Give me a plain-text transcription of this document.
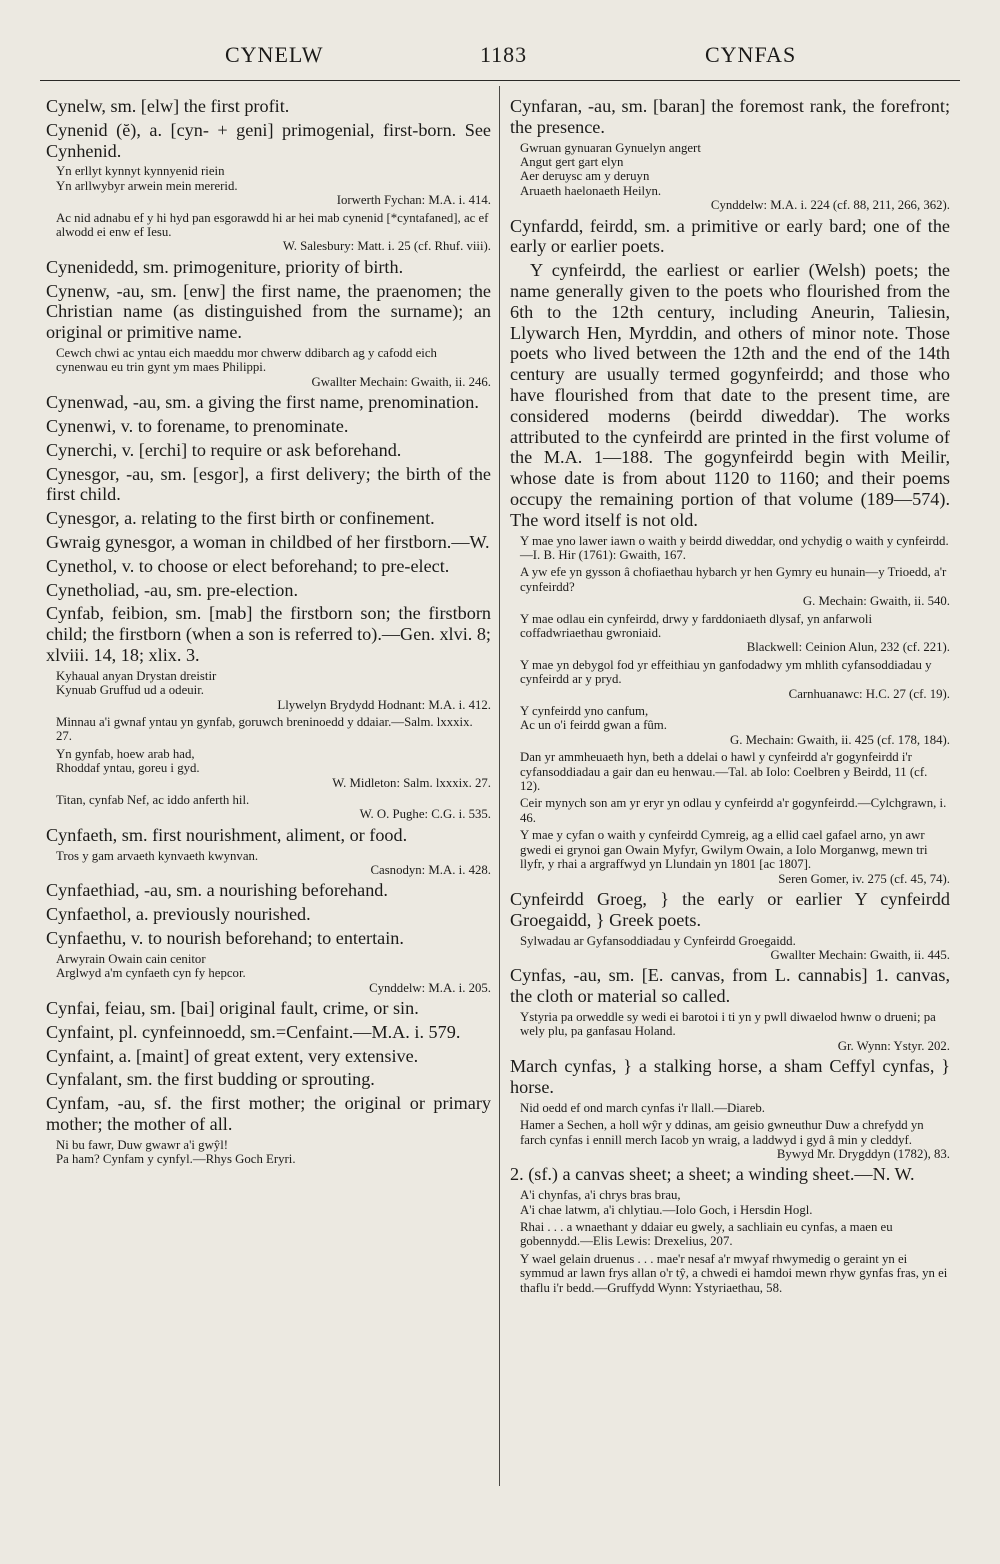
CYNELW	1183	CYNFAS

Cynelw, sm. [elw] the first profit.

Cynenid (ĕ), a. [cyn- + geni] primogenial, first-born. See Cynhenid.

Yn erllyt kynnyt kynnyenid riein
Yn arllwybyr arwein mein mererid.
Iorwerth Fychan: M.A. i. 414.
Ac nid adnabu ef y hi hyd pan esgorawdd hi ar hei mab cynenid [*cyntafaned], ac ef alwodd ei enw ef Iesu.
W. Salesbury: Matt. i. 25 (cf. Rhuf. viii).

Cynenidedd, sm. primogeniture, priority of birth.

Cynenw, -au, sm. [enw] the first name, the praenomen; the Christian name (as distinguished from the surname); an original or primitive name.

Cewch chwi ac yntau eich maeddu mor chwerw ddibarch ag y cafodd eich cynenwau eu trin gynt ym maes Philippi.
Gwallter Mechain: Gwaith, ii. 246.

Cynenwad, -au, sm. a giving the first name, prenomination.

Cynenwi, v. to forename, to prenominate.

Cynerchi, v. [erchi] to require or ask beforehand.

Cynesgor, -au, sm. [esgor], a first delivery; the birth of the first child.

Cynesgor, a. relating to the first birth or confinement.

Gwraig gynesgor, a woman in childbed of her firstborn.—W.

Cynethol, v. to choose or elect beforehand; to pre-elect.

Cynetholiad, -au, sm. pre-election.

Cynfab, feibion, sm. [mab] the firstborn son; the firstborn child; the firstborn (when a son is referred to).—Gen. xlvi. 8; xlviii. 14, 18; xlix. 3.

Kyhaual anyan Drystan dreistir
Kynuab Gruffud ud a odeuir.
Llywelyn Brydydd Hodnant: M.A. i. 412.
Minnau a'i gwnaf yntau yn gynfab, goruwch breninoedd y ddaiar.—Salm. lxxxix. 27.
Yn gynfab, hoew arab had,
Rhoddaf yntau, goreu i gyd.
W. Midleton: Salm. lxxxix. 27.
Titan, cynfab Nef, ac iddo anferth hil.
W. O. Pughe: C.G. i. 535.

Cynfaeth, sm. first nourishment, aliment, or food.

Tros y gam arvaeth kynvaeth kwynvan.
Casnodyn: M.A. i. 428.

Cynfaethiad, -au, sm. a nourishing beforehand.

Cynfaethol, a. previously nourished.

Cynfaethu, v. to nourish beforehand; to entertain.

Arwyrain Owain cain cenitor
Arglwyd a'm cynfaeth cyn fy hepcor.
Cynddelw: M.A. i. 205.

Cynfai, feiau, sm. [bai] original fault, crime, or sin.

Cynfaint, pl. cynfeinnoedd, sm.=Cenfaint.—M.A. i. 579.

Cynfaint, a. [maint] of great extent, very extensive.

Cynfalant, sm. the first budding or sprouting.

Cynfam, -au, sf. the first mother; the original or primary mother; the mother of all.

Ni bu fawr, Duw gwawr a'i gwŷl!
Pa ham? Cynfam y cynfyl.—Rhys Goch Eryri.

Cynfaran, -au, sm. [baran] the foremost rank, the forefront; the presence.

Gwruan gynuaran Gynuelyn angert
Angut gert gart elyn
Aer deruysc am y deruyn
Aruaeth haelonaeth Heilyn.
Cynddelw: M.A. i. 224 (cf. 88, 211, 266, 362).

Cynfardd, feirdd, sm. a primitive or early bard; one of the early or earlier poets.

Y cynfeirdd, the earliest or earlier (Welsh) poets; the name generally given to the poets who flourished from the 6th to the 12th century, including Aneurin, Taliesin, Llywarch Hen, Myrddin, and others of minor note. Those poets who lived between the 12th and the end of the 14th century are usually termed gogynfeirdd; and those who have flourished from that date to the present time, are considered moderns (beirdd diweddar). The works attributed to the cynfeirdd are printed in the first volume of the M.A. 1—188. The gogynfeirdd begin with Meilir, whose date is from about 1120 to 1160; and their poems occupy the remaining portion of that volume (189—574). The word itself is not old.

Y mae yno lawer iawn o waith y beirdd diweddar, ond ychydig o waith y cynfeirdd.—I. B. Hir (1761): Gwaith, 167.
A yw efe yn gysson â chofiaethau hybarch yr hen Gymry eu hunain—y Trioedd, a'r cynfeirdd?
G. Mechain: Gwaith, ii. 540.
Y mae odlau ein cynfeirdd, drwy y farddoniaeth dlysaf, yn anfarwoli coffadwriaethau gwroniaid.
Blackwell: Ceinion Alun, 232 (cf. 221).
Y mae yn debygol fod yr effeithiau yn ganfodadwy ym mhlith cyfansoddiadau y cynfeirdd ar y pryd.
Carnhuanawc: H.C. 27 (cf. 19).
Y cynfeirdd yno canfum,
Ac un o'i feirdd gwan a fûm.
G. Mechain: Gwaith, ii. 425 (cf. 178, 184).
Dan yr ammheuaeth hyn, beth a ddelai o hawl y cynfeirdd a'r gogynfeirdd i'r cyfansoddiadau a gair dan eu henwau.—Tal. ab Iolo: Coelbren y Beirdd, 11 (cf. 12).
Ceir mynych son am yr eryr yn odlau y cynfeirdd a'r gogynfeirdd.—Cylchgrawn, i. 46.
Y mae y cyfan o waith y cynfeirdd Cymreig, ag a ellid cael gafael arno, yn awr gwedi ei grynoi gan Owain Myfyr, Gwilym Owain, a Iolo Morganwg, mewn tri llyfr, y rhai a argraffwyd yn Llundain yn 1801 [ac 1807].
Seren Gomer, iv. 275 (cf. 45, 74).

Cynfeirdd Groeg, } the early or earlier Y cynfeirdd Groegaidd, } Greek poets.

Sylwadau ar Gyfansoddiadau y Cynfeirdd Groegaidd.
Gwallter Mechain: Gwaith, ii. 445.

Cynfas, -au, sm. [E. canvas, from L. cannabis] 1. canvas, the cloth or material so called.

Ystyria pa orweddle sy wedi ei barotoi i ti yn y pwll diwaelod hwnw o drueni; pa wely plu, pa ganfasau Holand.
Gr. Wynn: Ystyr. 202.

March cynfas, } a stalking horse, a sham Ceffyl cynfas, } horse.

Nid oedd ef ond march cynfas i'r llall.—Diareb.
Hamer a Sechen, a holl wŷr y ddinas, am geisio gwneuthur Duw a chrefydd yn farch cynfas i ennill merch Iacob yn wraig, a laddwyd i gyd â min y cleddyf.
Bywyd Mr. Drygddyn (1782), 83.

2. (sf.) a canvas sheet; a sheet; a winding sheet.—N. W.

A'i chynfas, a'i chrys bras brau,
A'i chae latwm, a'i chlytiau.—Iolo Goch, i Hersdin Hogl.
Rhai . . . a wnaethant y ddaiar eu gwely, a sachliain eu cynfas, a maen eu gobennydd.—Elis Lewis: Drexelius, 207.
Y wael gelain druenus . . . mae'r nesaf a'r mwyaf rhwymedig o geraint yn ei symmud ar lawn frys allan o'r tŷ, a chwedi ei hamdoi mewn rhyw gynfas fras, yn ei thaflu i'r bedd.—Gruffydd Wynn: Ystyriaethau, 58.
